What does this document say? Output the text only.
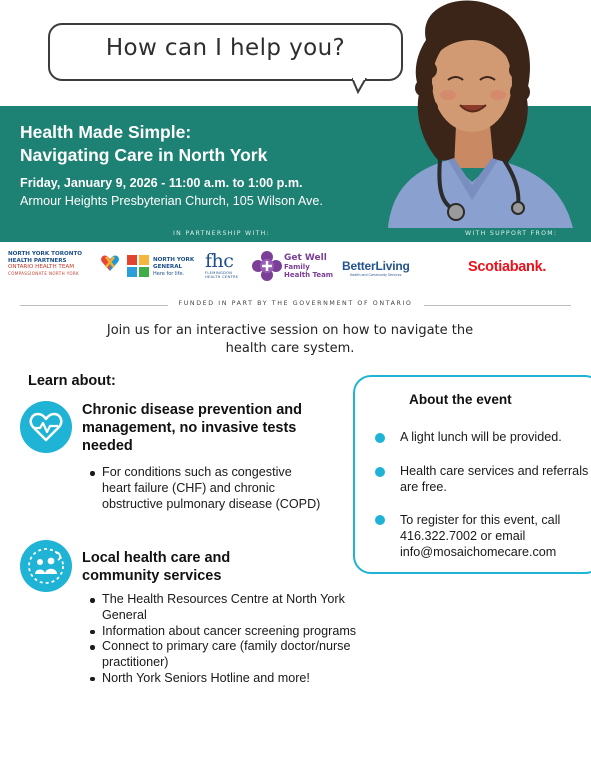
IN PARTNERSHIP WITH:	WITH SUPPORT FROM:
How can I help you?
Health Made Simple:
Navigating Care in North York
Friday, January 9, 2026 - 11:00 a.m. to 1:00 p.m.
Armour Heights Presbyterian Church, 105 Wilson Ave.
NORTH YORK TORONTO
HEALTH PARTNERS
ONTARIO HEALTH TEAM
COMPASSIONATE NORTH YORK
NORTH YORK
GENERAL
Here for life.
fhc
FLEMINGDON
HEALTH CENTRE
Get Well
Family
Health Team
BetterLiving
Health and Community Services	Scotiabank.
FUNDED IN PART BY THE GOVERNMENT OF ONTARIO
Join us for an interactive session on how to navigate the
health care system.
Learn about:
Chronic disease prevention and management, no invasive tests needed
For conditions such as congestive heart failure (CHF) and chronic obstructive pulmonary disease (COPD)
Local health care and community services
The Health Resources Centre at North York General
Information about cancer screening programs
Connect to primary care (family doctor/nurse practitioner)
North York Seniors Hotline and more!
About the event
A light lunch will be provided.
Health care services and referrals are free.
To register for this event, call 416.322.7002 or email info@mosaichomecare.com
